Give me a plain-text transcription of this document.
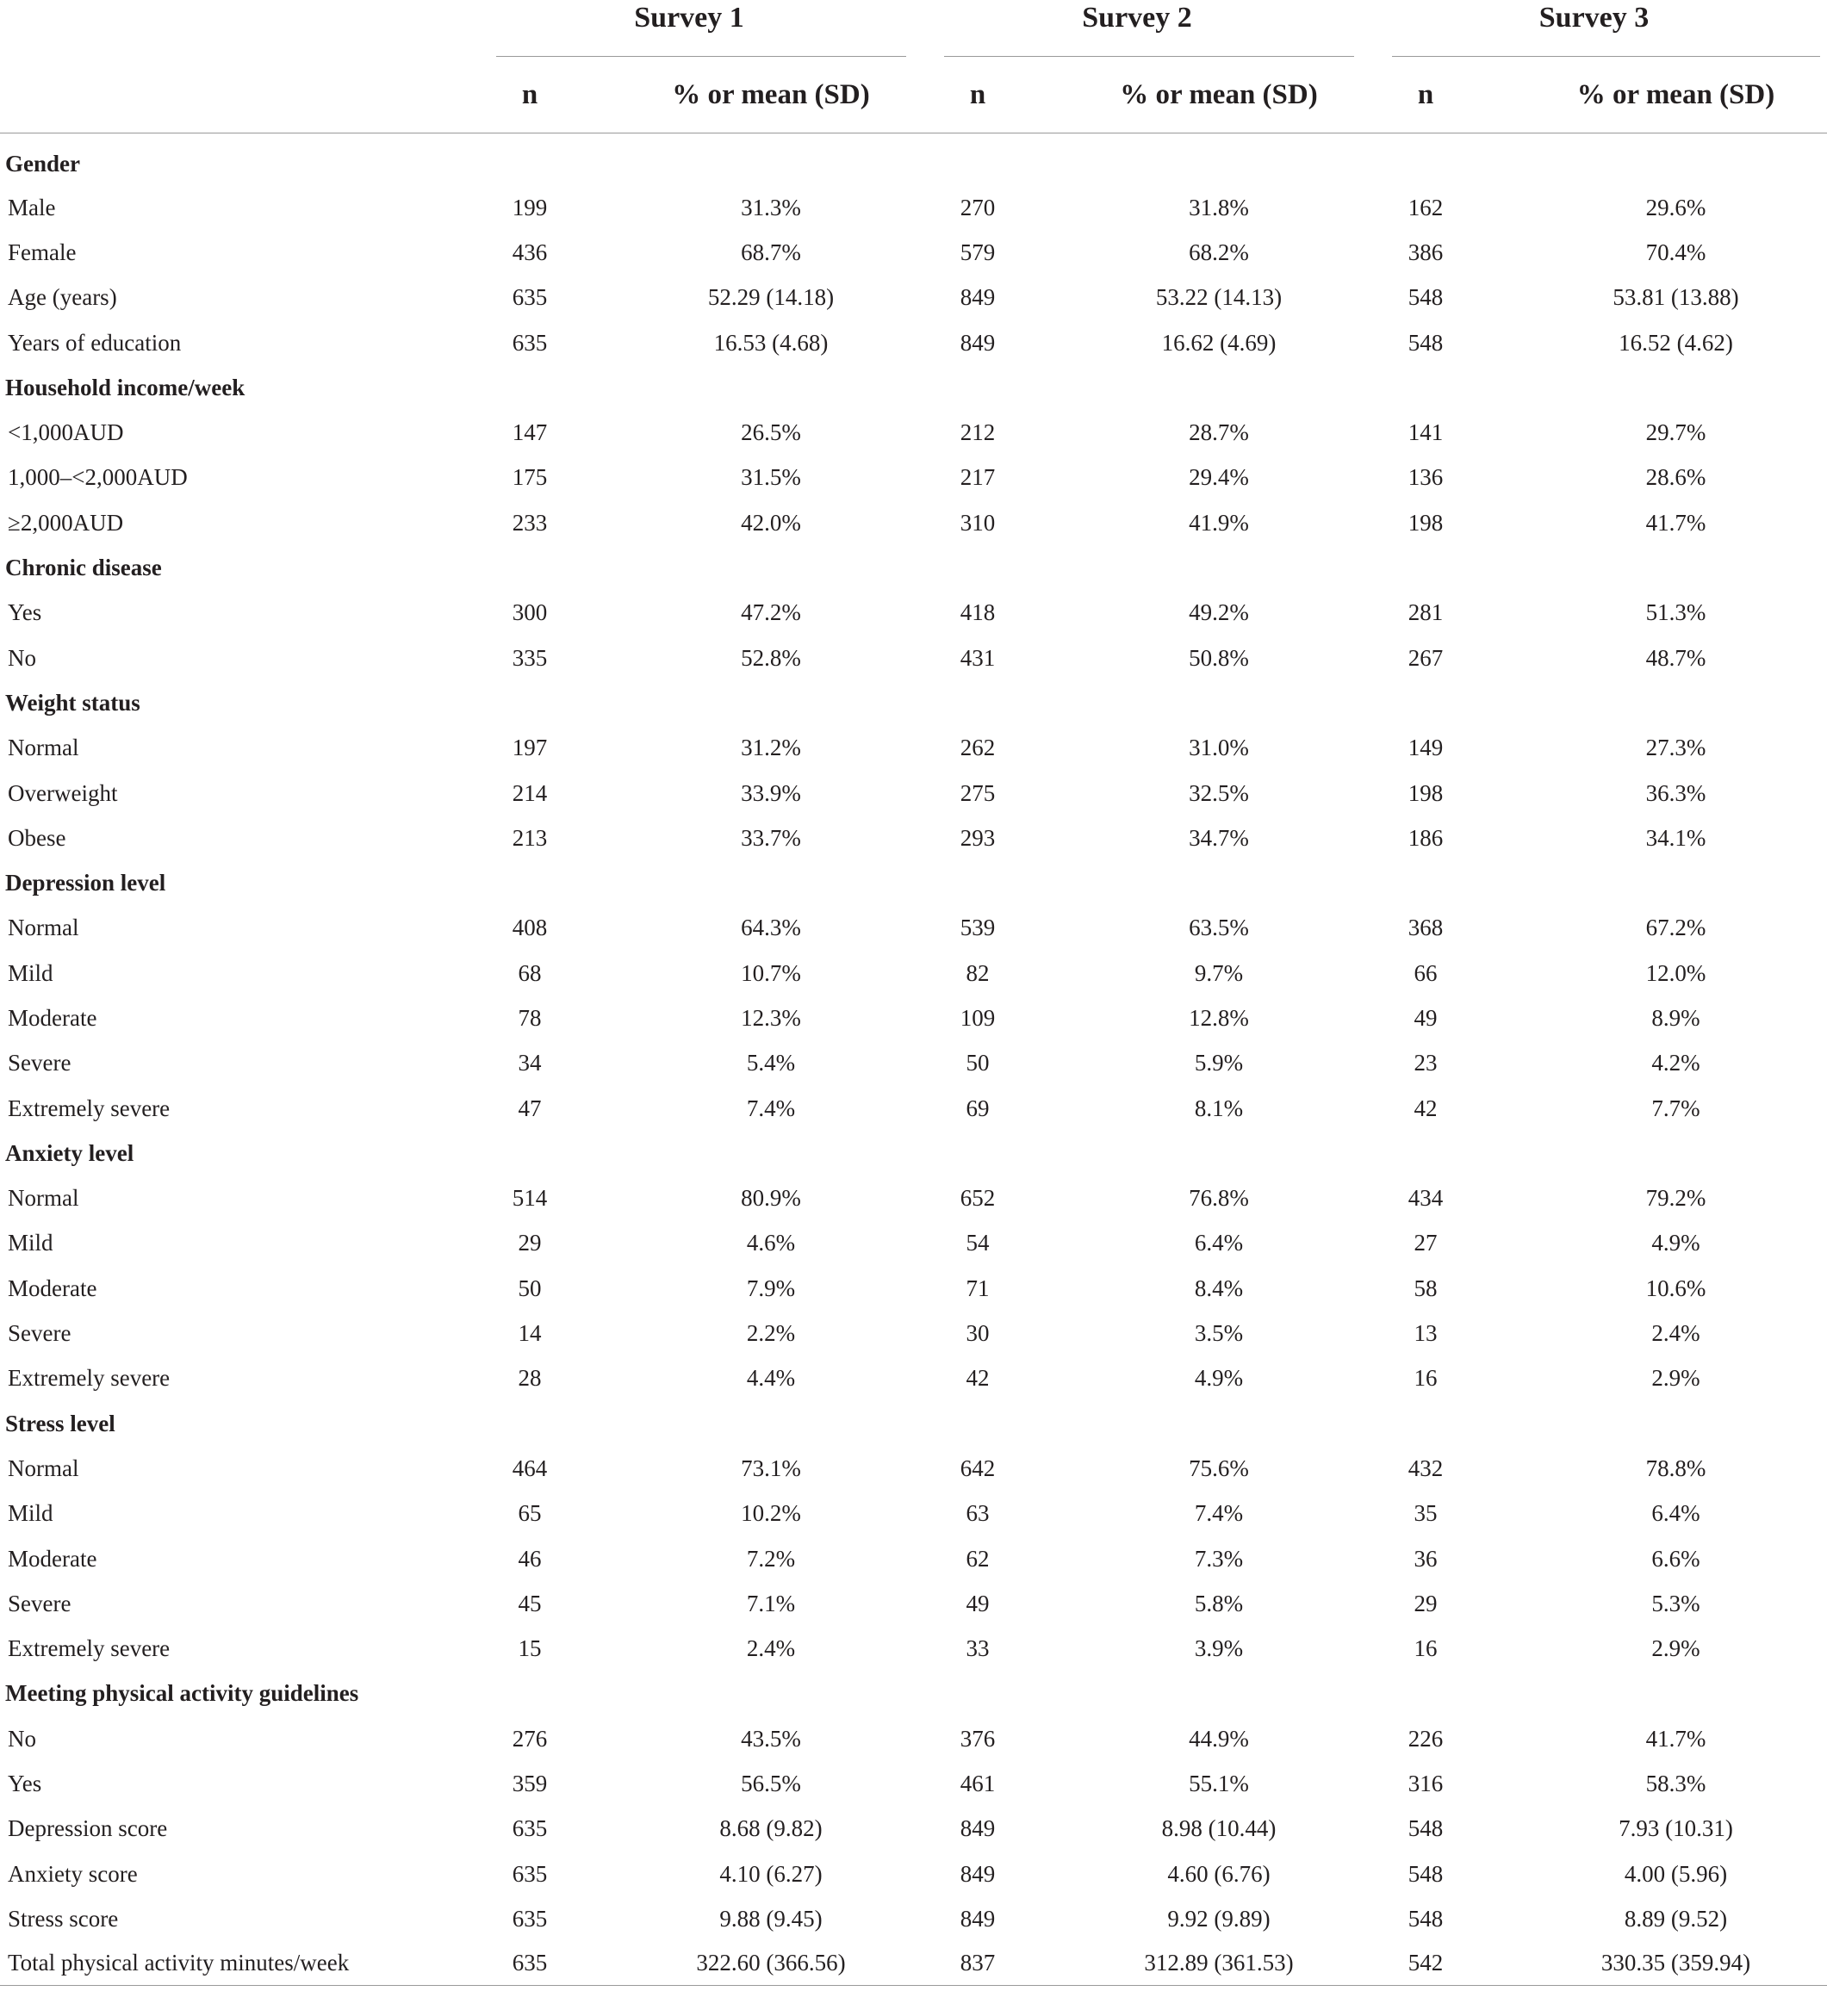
	Survey 1		Survey 2		Survey 3	

	n	% or mean (SD)	n	% or mean (SD)	n	% or mean (SD)
Gender						
Male	199	31.3%	270	31.8%	162	29.6%
Female	436	68.7%	579	68.2%	386	70.4%
Age (years)	635	52.29 (14.18)	849	53.22 (14.13)	548	53.81 (13.88)
Years of education	635	16.53 (4.68)	849	16.62 (4.69)	548	16.52 (4.62)
Household income/week						
<1,000AUD	147	26.5%	212	28.7%	141	29.7%
1,000–<2,000AUD	175	31.5%	217	29.4%	136	28.6%
≥2,000AUD	233	42.0%	310	41.9%	198	41.7%
Chronic disease						
Yes	300	47.2%	418	49.2%	281	51.3%
No	335	52.8%	431	50.8%	267	48.7%
Weight status						
Normal	197	31.2%	262	31.0%	149	27.3%
Overweight	214	33.9%	275	32.5%	198	36.3%
Obese	213	33.7%	293	34.7%	186	34.1%
Depression level						
Normal	408	64.3%	539	63.5%	368	67.2%
Mild	68	10.7%	82	9.7%	66	12.0%
Moderate	78	12.3%	109	12.8%	49	8.9%
Severe	34	5.4%	50	5.9%	23	4.2%
Extremely severe	47	7.4%	69	8.1%	42	7.7%
Anxiety level						
Normal	514	80.9%	652	76.8%	434	79.2%
Mild	29	4.6%	54	6.4%	27	4.9%
Moderate	50	7.9%	71	8.4%	58	10.6%
Severe	14	2.2%	30	3.5%	13	2.4%
Extremely severe	28	4.4%	42	4.9%	16	2.9%
Stress level						
Normal	464	73.1%	642	75.6%	432	78.8%
Mild	65	10.2%	63	7.4%	35	6.4%
Moderate	46	7.2%	62	7.3%	36	6.6%
Severe	45	7.1%	49	5.8%	29	5.3%
Extremely severe	15	2.4%	33	3.9%	16	2.9%
Meeting physical activity guidelines						
No	276	43.5%	376	44.9%	226	41.7%
Yes	359	56.5%	461	55.1%	316	58.3%
Depression score	635	8.68 (9.82)	849	8.98 (10.44)	548	7.93 (10.31)
Anxiety score	635	4.10 (6.27)	849	4.60 (6.76)	548	4.00 (5.96)
Stress score	635	9.88 (9.45)	849	9.92 (9.89)	548	8.89 (9.52)
Total physical activity minutes/week	635	322.60 (366.56)	837	312.89 (361.53)	542	330.35 (359.94)
